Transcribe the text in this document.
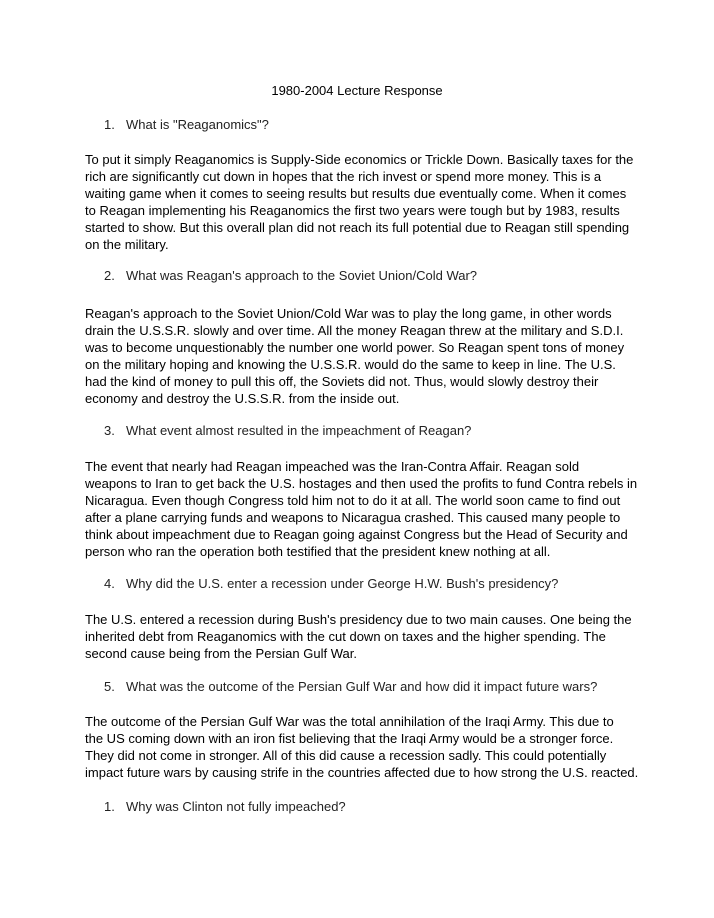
1980-2004 Lecture Response
1. What is "Reaganomics"?
To put it simply Reaganomics is Supply-Side economics or Trickle Down. Basically taxes for the
rich are significantly cut down in hopes that the rich invest or spend more money. This is a
waiting game when it comes to seeing results but results due eventually come. When it comes
to Reagan implementing his Reaganomics the first two years were tough but by 1983, results
started to show. But this overall plan did not reach its full potential due to Reagan still spending
on the military.
2. What was Reagan's approach to the Soviet Union/Cold War?
Reagan's approach to the Soviet Union/Cold War was to play the long game, in other words
drain the U.S.S.R. slowly and over time. All the money Reagan threw at the military and S.D.I.
was to become unquestionably the number one world power. So Reagan spent tons of money
on the military hoping and knowing the U.S.S.R. would do the same to keep in line. The U.S.
had the kind of money to pull this off, the Soviets did not. Thus, would slowly destroy their
economy and destroy the U.S.S.R. from the inside out.
3. What event almost resulted in the impeachment of Reagan?
The event that nearly had Reagan impeached was the Iran-Contra Affair. Reagan sold
weapons to Iran to get back the U.S. hostages and then used the profits to fund Contra rebels in
Nicaragua. Even though Congress told him not to do it at all. The world soon came to find out
after a plane carrying funds and weapons to Nicaragua crashed. This caused many people to
think about impeachment due to Reagan going against Congress but the Head of Security and
person who ran the operation both testified that the president knew nothing at all.
4. Why did the U.S. enter a recession under George H.W. Bush's presidency?
The U.S. entered a recession during Bush's presidency due to two main causes. One being the
inherited debt from Reaganomics with the cut down on taxes and the higher spending. The
second cause being from the Persian Gulf War.
5. What was the outcome of the Persian Gulf War and how did it impact future wars?
The outcome of the Persian Gulf War was the total annihilation of the Iraqi Army. This due to
the US coming down with an iron fist believing that the Iraqi Army would be a stronger force.
They did not come in stronger. All of this did cause a recession sadly. This could potentially
impact future wars by causing strife in the countries affected due to how strong the U.S. reacted.
1. Why was Clinton not fully impeached?
